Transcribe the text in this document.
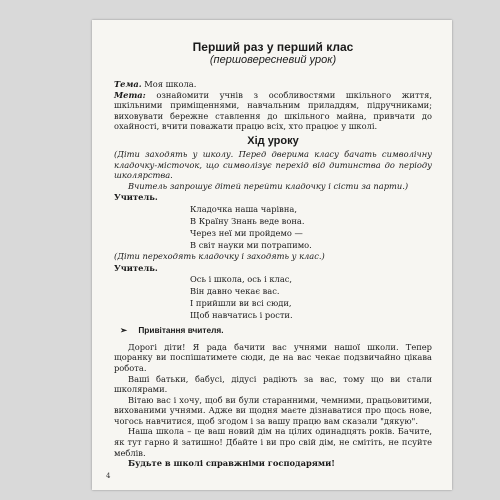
Перший раз у перший клас
(першовересневий урок)

Тема. Моя школа.

Мета: ознайомити учнів з особливостями шкільного життя, шкільними приміщеннями, навчальним приладдям, підручниками; виховувати бережне ставлення до шкільного майна, привчати до охайності, вчити поважати працю всіх, хто працює у школі.

Хід уроку

(Діти заходять у школу. Перед дверима класу бачать символічну кладочку-місточок, що символізує перехід від дитинства до періоду школярства.

Вчитель запрошує дітей перейти кладочку і сісти за парти.)

Учитель.
Кладочка наша чарівна,
В Країну Знань веде вона.
Через неї ми пройдемо —
В світ науки ми потрапимо.

(Діти переходять кладочку і заходять у клас.)

Учитель.
Ось і школа, ось і клас,
Він давно чекає вас.
І прийшли ви всі сюди,
Щоб навчатись і рости.
➢ Привітання вчителя.

Дорогі діти! Я рада бачити вас учнями нашої школи. Тепер щоранку ви поспішатимете сюди, де на вас чекає подзвичайно цікава робота.

Ваші батьки, бабусі, дідусі радіють за вас, тому що ви стали школярами.

Вітаю вас і хочу, щоб ви були старанними, чемними, працьовитими, вихованими учнями. Адже ви щодня маєте дізнаватися про щось нове, чогось навчитися, щоб згодом і за вашу працю вам сказали "дякую".

Наша школа – це ваш новий дім на цілих одинадцять років. Бачите, як тут гарно й затишно! Дбайте і ви про свій дім, не смітіть, не псуйте меблів.

Будьте в школі справжніми господарями!

4
